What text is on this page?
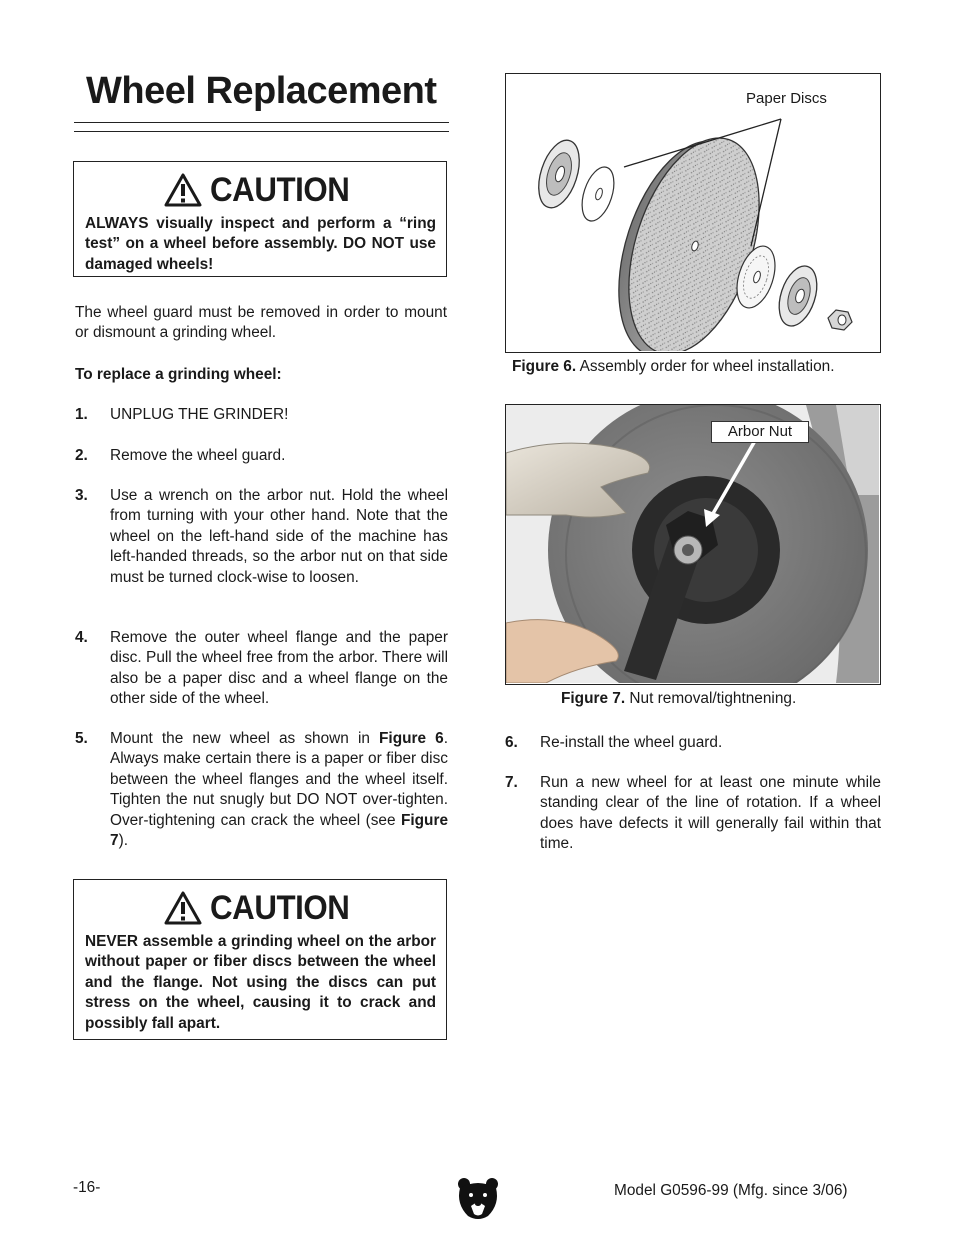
Wheel Replacement
CAUTION
ALWAYS visually inspect and perform a “ring test” on a wheel before assembly. DO NOT use damaged wheels!
The wheel guard must be removed in order to mount or dismount a grinding wheel.
To replace a grinding wheel:
1.	UNPLUG THE GRINDER!
2.	Remove the wheel guard.
3.	Use a wrench on the arbor nut. Hold the wheel from turning with your other hand. Note that the wheel on the left-hand side of the machine has left-handed threads, so the arbor nut on that side must be turned clock-wise to loosen.
4.	Remove the outer wheel flange and the paper disc. Pull the wheel free from the arbor. There will also be a paper disc and a wheel flange on the other side of the wheel.
5.	Mount the new wheel as shown in Figure 6. Always make certain there is a paper or fiber disc between the wheel flanges and the wheel itself. Tighten the nut snugly but DO NOT over-tighten. Over-tightening can crack the wheel (see Figure 7).
CAUTION
NEVER assemble a grinding wheel on the arbor without paper or fiber discs between the wheel and the flange. Not using the discs can put stress on the wheel, causing it to crack and possibly fall apart.
Paper Discs
Figure 6. Assembly order for wheel installation.
Arbor Nut
Figure 7. Nut removal/tightnening.
6.	Re-install the wheel guard.
7.	Run a new wheel for at least one minute while standing clear of the line of rotation. If a wheel does have defects it will generally fail within that time.
-16-	Model G0596-99 (Mfg. since 3/06)
